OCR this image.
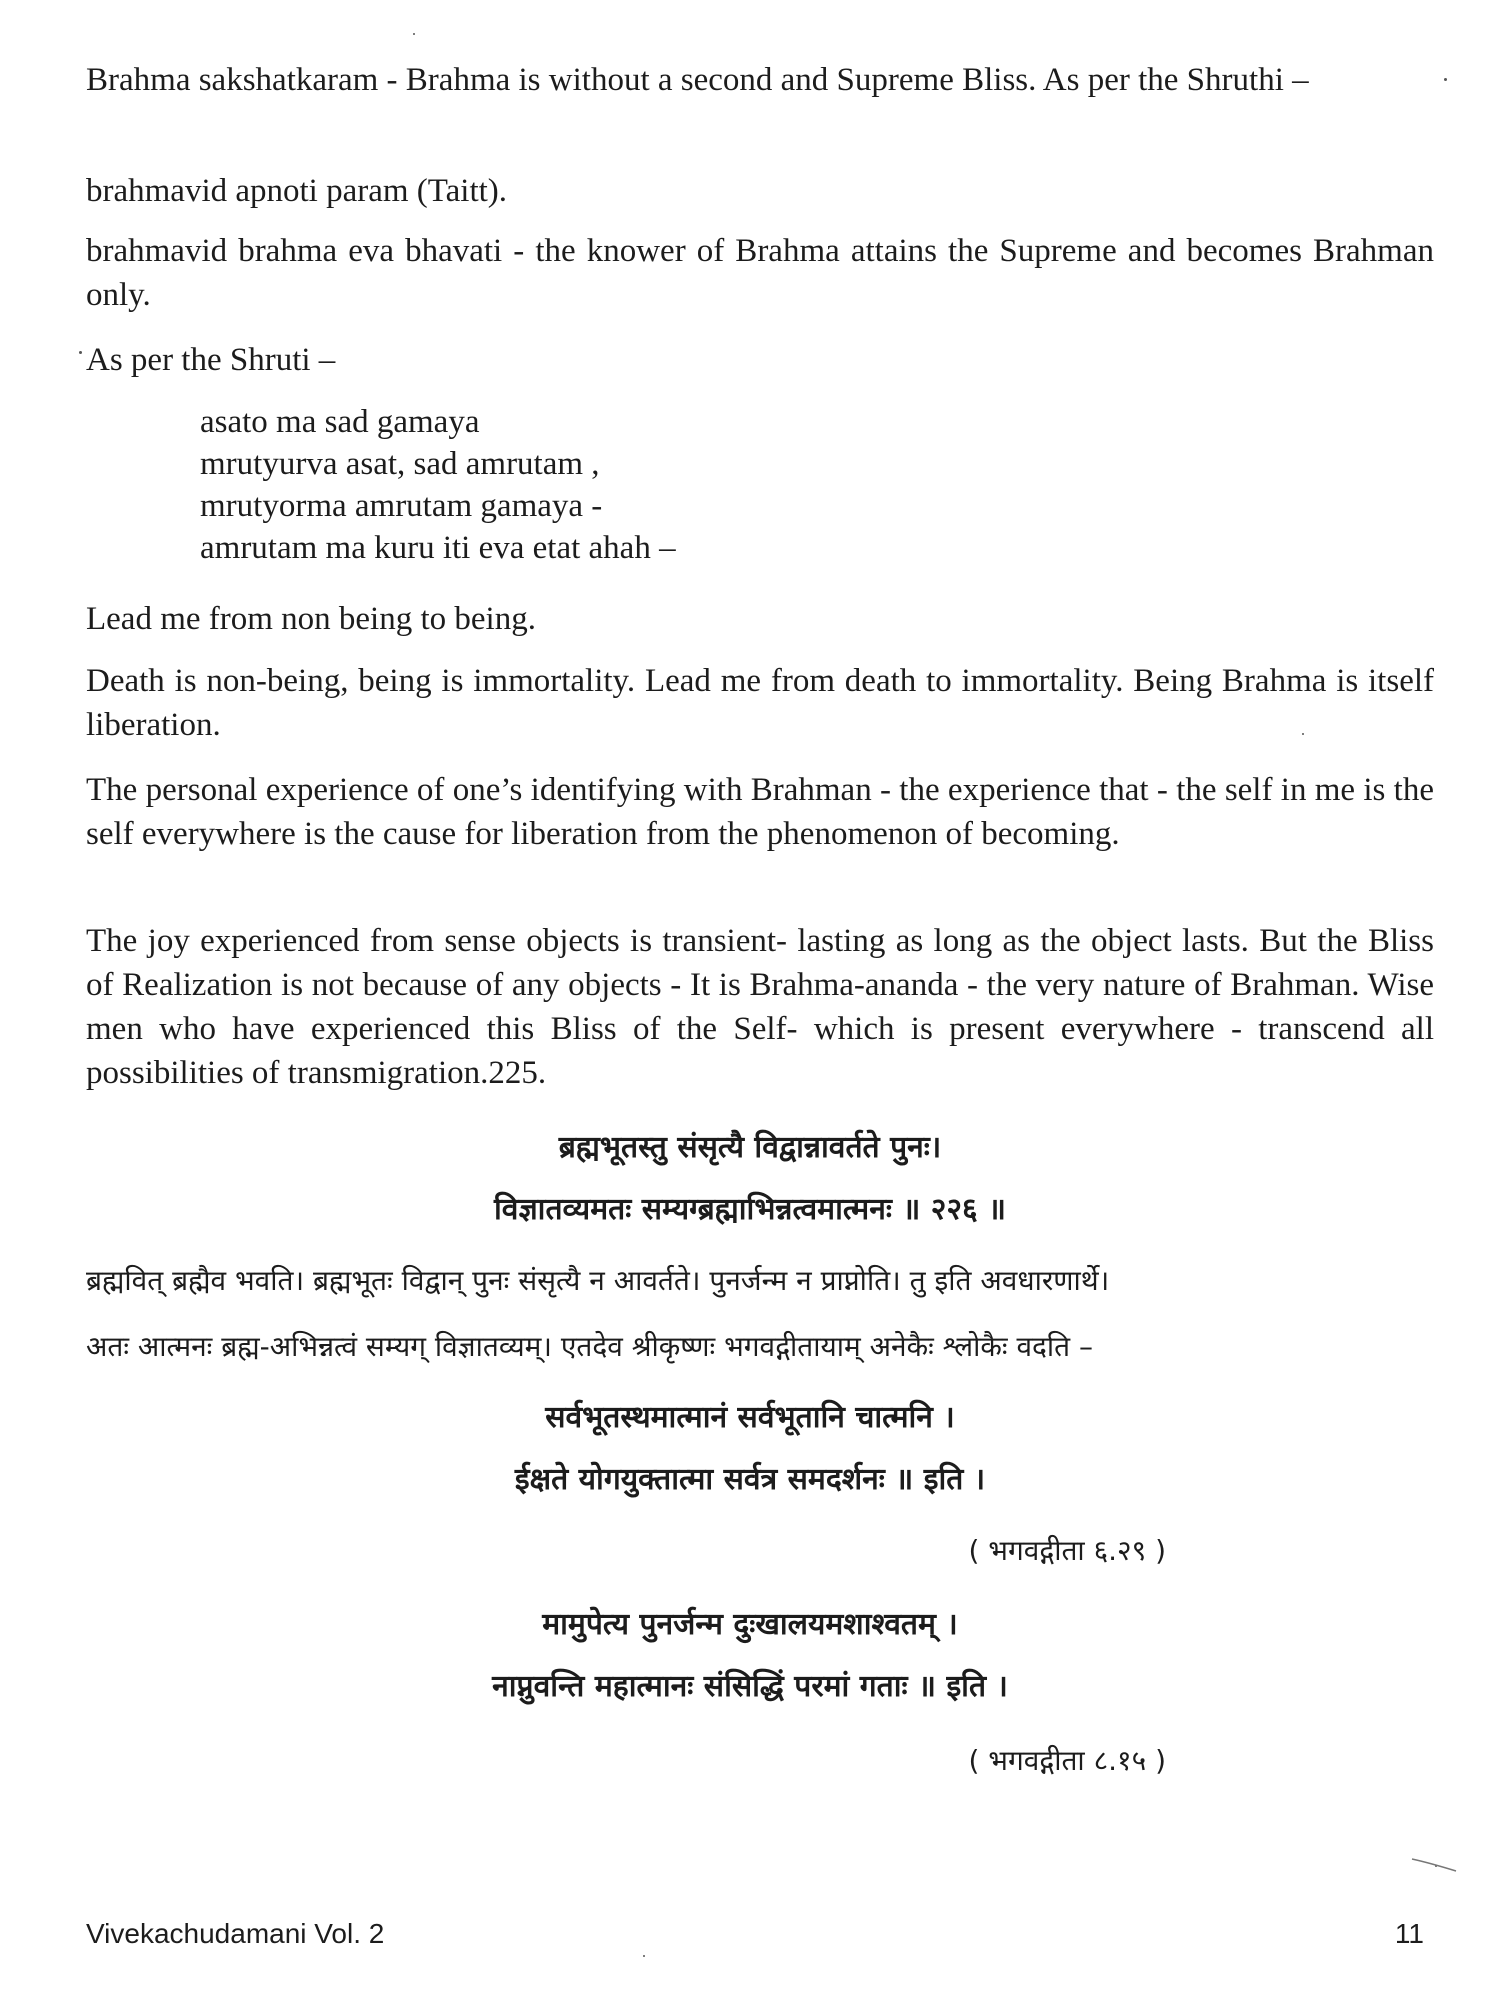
Brahma sakshatkaram - Brahma is without a second and Supreme Bliss. As per the Shruthi –

brahmavid apnoti param (Taitt).

brahmavid brahma eva bhavati - the knower of Brahma attains the Supreme and becomes Brahman only.

As per the Shruti –

asato ma sad gamaya
mrutyurva asat, sad amrutam ,
mrutyorma amrutam gamaya -
amrutam ma kuru iti eva etat ahah –

Lead me from non being to being.

Death is non-being, being is immortality. Lead me from death to immortality. Being Brahma is itself liberation.

The personal experience of one’s identifying with Brahman - the experience that - the self in me is the self everywhere is the cause for liberation from the phenomenon of becoming.

The joy experienced from sense objects is transient- lasting as long as the object lasts. But the Bliss of Realization is not because of any objects - It is Brahma-ananda - the very nature of Brahman. Wise men who have experienced this Bliss of the Self- which is present everywhere - transcend all possibilities of transmigration.225.

ब्रह्मभूतस्तु संसृत्यै विद्वान्नावर्तते पुनः।
विज्ञातव्यमतः सम्यग्ब्रह्माभिन्नत्वमात्मनः ॥ २२६ ॥
ब्रह्मवित् ब्रह्मैव भवति। ब्रह्मभूतः विद्वान् पुनः संसृत्यै न आवर्तते। पुनर्जन्म न प्राप्नोति। तु इति अवधारणार्थे।
अतः आत्मनः ब्रह्म-अभिन्नत्वं सम्यग् विज्ञातव्यम्। एतदेव श्रीकृष्णः भगवद्गीतायाम् अनेकैः श्लोकैः वदति –
सर्वभूतस्थमात्मानं सर्वभूतानि चात्मनि ।
ईक्षते योगयुक्तात्मा सर्वत्र समदर्शनः ॥ इति ।
( भगवद्गीता ६.२९ )
मामुपेत्य पुनर्जन्म दुःखालयमशाश्वतम् ।
नाप्नुवन्ति महात्मानः संसिद्धिं परमां गताः ॥ इति ।
( भगवद्गीता ८.१५ )
Vivekachudamani Vol. 2	11
